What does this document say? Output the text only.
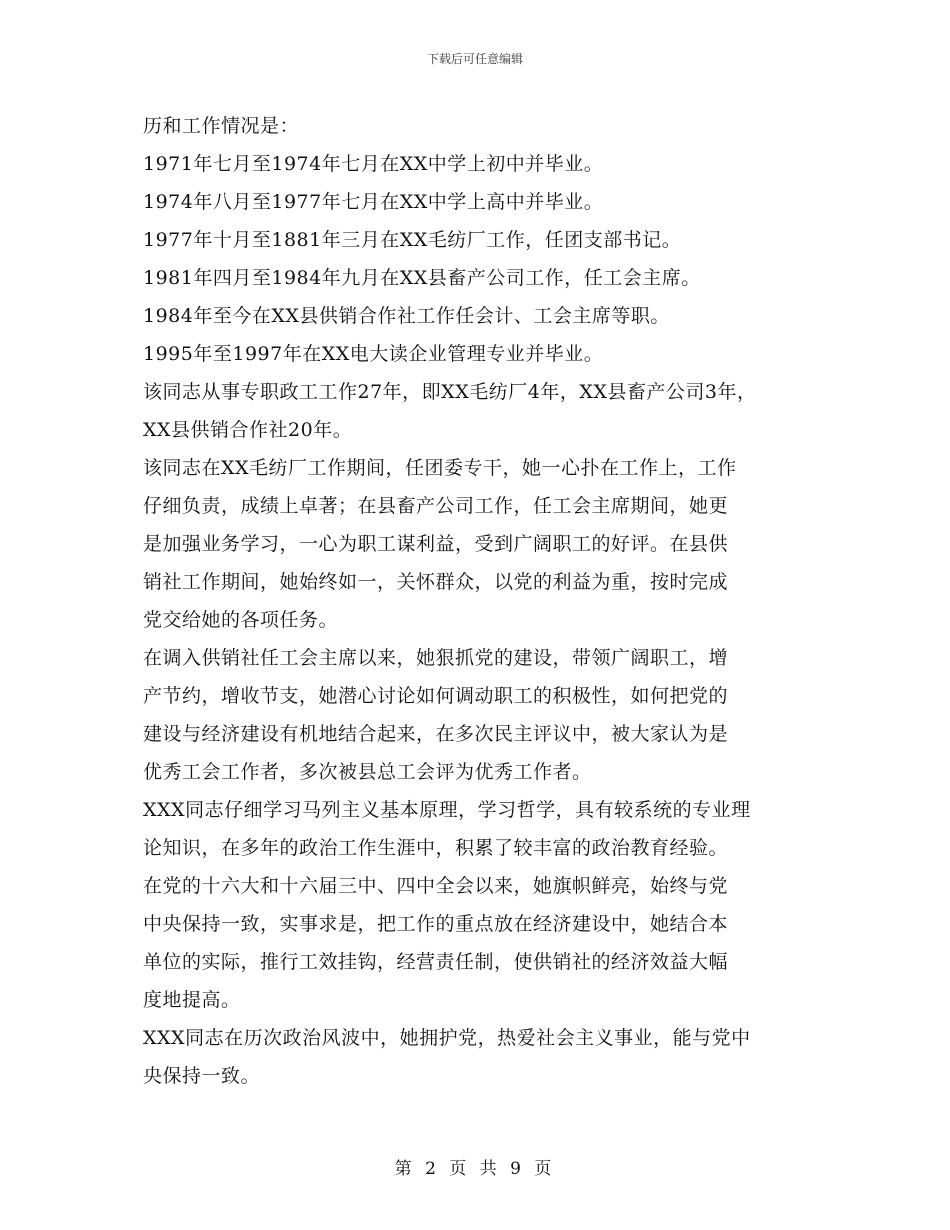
下载后可任意编辑
历和工作情况是：
1971年七月至1974年七月在XX中学上初中并毕业。
1974年八月至1977年七月在XX中学上高中并毕业。
1977年十月至1881年三月在XX毛纺厂工作，任团支部书记。
1981年四月至1984年九月在XX县畜产公司工作，任工会主席。
1984年至今在XX县供销合作社工作任会计、工会主席等职。
1995年至1997年在XX电大读企业管理专业并毕业。
该同志从事专职政工工作27年，即XX毛纺厂4年，XX县畜产公司3年，
XX县供销合作社20年。
该同志在XX毛纺厂工作期间，任团委专干，她一心扑在工作上，工作
仔细负责，成绩上卓著；在县畜产公司工作，任工会主席期间，她更
是加强业务学习，一心为职工谋利益，受到广阔职工的好评。在县供
销社工作期间，她始终如一，关怀群众，以党的利益为重，按时完成
党交给她的各项任务。
在调入供销社任工会主席以来，她狠抓党的建设，带领广阔职工，增
产节约，增收节支，她潜心讨论如何调动职工的积极性，如何把党的
建设与经济建设有机地结合起来，在多次民主评议中，被大家认为是
优秀工会工作者，多次被县总工会评为优秀工作者。
XXX同志仔细学习马列主义基本原理，学习哲学，具有较系统的专业理
论知识，在多年的政治工作生涯中，积累了较丰富的政治教育经验。
在党的十六大和十六届三中、四中全会以来，她旗帜鲜亮，始终与党
中央保持一致，实事求是，把工作的重点放在经济建设中，她结合本
单位的实际，推行工效挂钩，经营责任制，使供销社的经济效益大幅
度地提高。
XXX同志在历次政治风波中，她拥护党，热爱社会主义事业，能与党中
央保持一致。
第 2 页 共 9 页
